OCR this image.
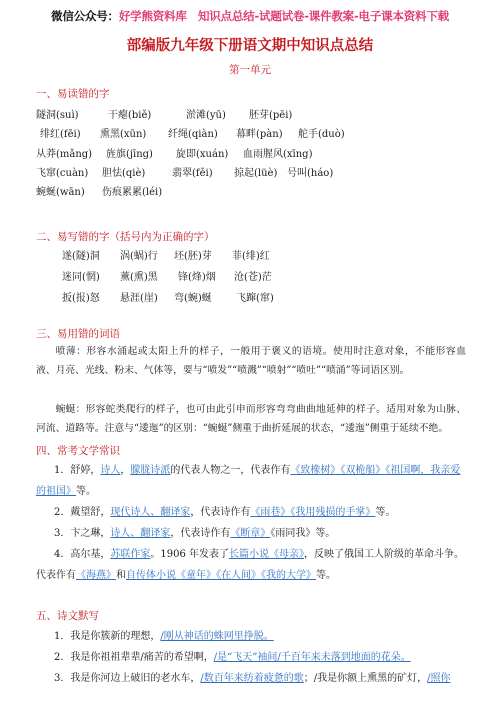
微信公众号：好学熊资料库　知识点总结-试题试卷-课件教案-电子课本资料下载
部编版九年级下册语文期中知识点总结
第一单元
一、易读错的字
隧洞(suì)	干瘪(biě)	淤滩(yū) 胚芽(pēi)
绯红(fēi) 熏黑(xūn) 纤绳(qiàn) 幕畔(pàn) 舵手(duò)
从莽(mǎng) 旌旗(jīng) 旋即(xuán) 血雨腥风(xīng)
飞窜(cuàn) 胆怯(qiè)	翡翠(fěi) 掠起(lüè) 号叫(háo)
蜿蜒(wān) 伤痕累累(léi)
二、易写错的字（括号内为正确的字）
遂(隧)洞 涡(蜗)行 坯(胚)芽 菲(绯)红
迷同(惘) 薰(熏)黑 锋(烽)烟 沧(苍)茫
扳(报)怒 悬涯(崖) 弯(蜿)蜒 飞蹿(窜)
三、易用错的词语
喷薄：形容水涌起或太阳上升的样子，一般用于褒义的语境。使用时注意对象，不能形容血液、月亮、光线、粉末、气体等，要与“喷发”“喷溅”“喷射”“喷吐”“喷涌”等词语区别。
蜿蜒：形容蛇类爬行的样子，也可由此引申而形容弯弯曲曲地延伸的样子。适用对象为山脉、河流、道路等。注意与“逶迤”的区别：“蜿蜒”侧重于曲折延展的状态，“逶迤”侧重于延续不绝。
四、常考文学常识
1．舒婷，诗人，朦胧诗派的代表人物之一，代表作有《致橡树》《双桅船》《祖国啊，我亲爱
的祖国》等。
2．戴望舒，现代诗人、翻译家，代表诗作有《雨巷》《我用残损的手掌》等。
3．卞之琳，诗人、翻译家，代表诗作有《断章》《雨同我》等。
4．高尔基，苏联作家。1906 年发表了长篇小说《母亲》，反映了俄国工人阶级的革命斗争。
代表作有《海燕》和自传体小说《童年》《在人间》《我的大学》等。
五、诗文默写
1．我是你簇新的理想，/刚从神话的蛛网里挣脱。
2．我是你祖祖辈辈/痛苦的希望啊，/是“飞天”袖间/千百年来未落到地面的花朵。
3．我是你河边上破旧的老水车，/数百年来纺着疲惫的歌；/我是你额上熏黑的矿灯，/照你
